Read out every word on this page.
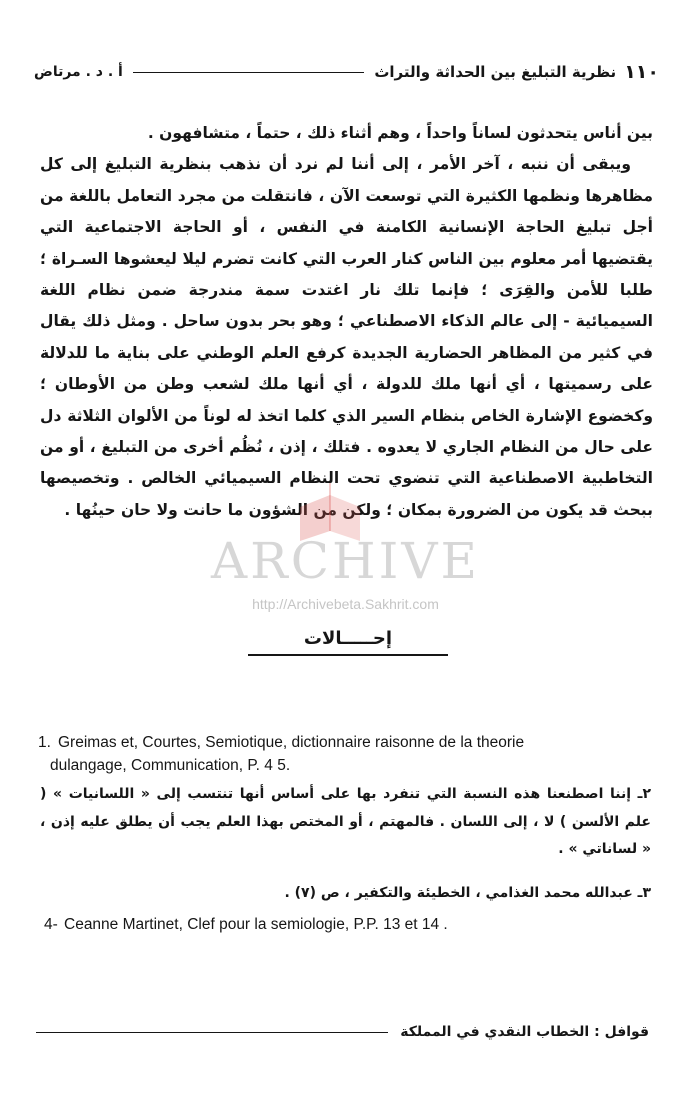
١١٠
نظرية التبليغ بين الحداثة والتراث
أ . د . مرتاض

بين أناس يتحدثون لساناً واحداً ، وهم أثناء ذلك ، حتماً ، متشافهون .

ويبقى أن ننبه ، آخر الأمر ، إلى أننا لم نرد أن نذهب بنظرية التبليغ إلى كل مظاهرها ونظمها الكثيرة التي توسعت الآن ، فانتقلت من مجرد التعامل باللغة من أجل تبليغ الحاجة الإنسانية الكامنة في النفس ، أو الحاجة الاجتماعية التي يقتضيها أمر معلوم بين الناس كنار العرب التي كانت تضرم ليلا ليعشوها السـراة ؛ طلبا للأمن والقِرَى ؛ فإنما تلك نار اغتدت سمة مندرجة ضمن نظام اللغة السيميائية - إلى عالم الذكاء الاصطناعي ؛ وهو بحر بدون ساحل . ومثل ذلك يقال في كثير من المظاهر الحضارية الجديدة كرفع العلم الوطني على بناية ما للدلالة على رسميتها ، أي أنها ملك للدولة ، أي أنها ملك لشعب وطن من الأوطان ؛ وكخضوع الإشارة الخاص بنظام السير الذي كلما اتخذ له لوناً من الألوان الثلاثة دل على حال من النظام الجاري لا يعدوه . فتلك ، إذن ، نُظُم أخرى من التبليغ ، أو من التخاطبية الاصطناعية التي تنضوي تحت النظام السيميائي الخالص . وتخصيصها ببحث قد يكون من الضرورة بمكان ؛ ولكن من الشؤون ما حانت ولا حان حينُها .

ARCHIVE
http://Archivebeta.Sakhrit.com
إحـــــالات
1. Greimas et, Courtes, Semiotique, dictionnaire raisonne de la theorie
dulangage, Communication, P. 4 5.

٢ـ إننا اصطنعنا هذه النسبة التي تنفرد بها على أساس أنها تنتسب إلى « اللسانيات » ( علم الألسن ) لا ، إلى اللسان . فالمهتم ، أو المختص بهذا العلم يجب أن يطلق عليه إذن ، « لساناتي » .

٣ـ عبدالله محمد الغذامي ، الخطيئة والتكفير ، ص (٧) .

4- Ceanne Martinet, Clef pour la semiologie, P.P. 13 et 14 .
قوافل : الخطاب النقدي في المملكة
